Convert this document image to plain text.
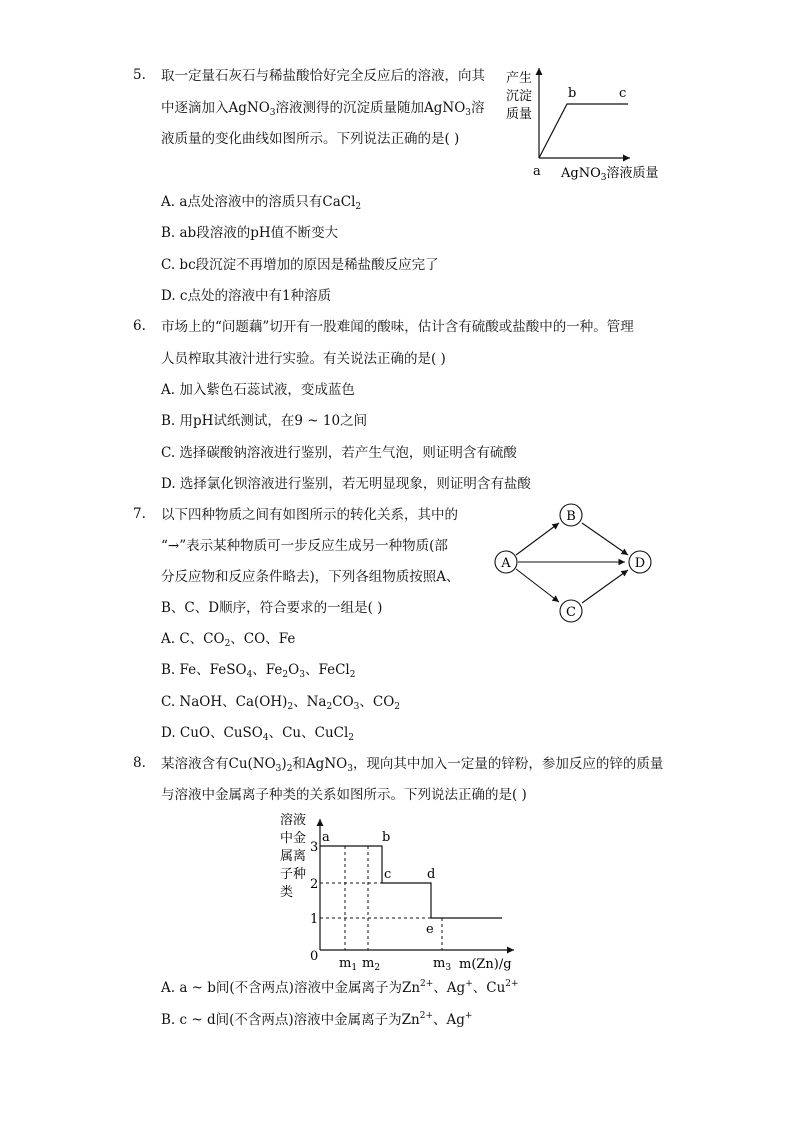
5. 取一定量石灰石与稀盐酸恰好完全反应后的溶液，向其
中逐滴加入AgNO$_3$溶液测得的沉淀质量随加AgNO$_3$溶
液质量的变化曲线如图所示。下列说法正确的是( )
产生
沉淀
质量
a
b	c
AgNO$_3$溶液质量
A. a点处溶液中的溶质只有CaCl$_2$
B. ab段溶液的pH值不断变大
C. bc段沉淀不再增加的原因是稀盐酸反应完了
D. c点处的溶液中有1种溶质
6. 市场上的“问题藕”切开有一股难闻的酸味，估计含有硫酸或盐酸中的一种。管理
人员榨取其液汁进行实验。有关说法正确的是( )
A. 加入紫色石蕊试液，变成蓝色
B. 用pH试纸测试，在9 ~ 10之间
C. 选择碳酸钠溶液进行鉴别，若产生气泡，则证明含有硫酸
D. 选择氯化钡溶液进行鉴别，若无明显现象，则证明含有盐酸
7. 以下四种物质之间有如图所示的转化关系，其中的
“→”表示某种物质可一步反应生成另一种物质(部
分反应物和反应条件略去)，下列各组物质按照A、
B、C、D顺序，符合要求的一组是( )
A
B
C
D
A. C、$CO_2$、CO、Fe
B. Fe、FeSO$_4$、$Fe_2O_3$、FeCl$_2$
C. NaOH、$Ca(OH)_2$、$Na_2CO_3$、$CO_2$
D. CuO、CuSO$_4$、Cu、CuCl$_2$
8. 某溶液含有$Cu(NO_3)_2$和AgNO$_3$，现向其中加入一定量的锌粉，参加反应的锌的质量
与溶液中金属离子种类的关系如图所示。下列说法正确的是( )
溶液
中金
属离
子种
类
3
2
1
0
a	b
c	d
e
$m_1$ $m_2$	$m_3$ m(Zn)/g
A. a ~ b间(不含两点)溶液中金属离子为$Zn^{2+}$、Ag+、$Cu^{2+}$
B. c ~ d间(不含两点)溶液中金属离子为$Zn^{2+}$、Ag+
